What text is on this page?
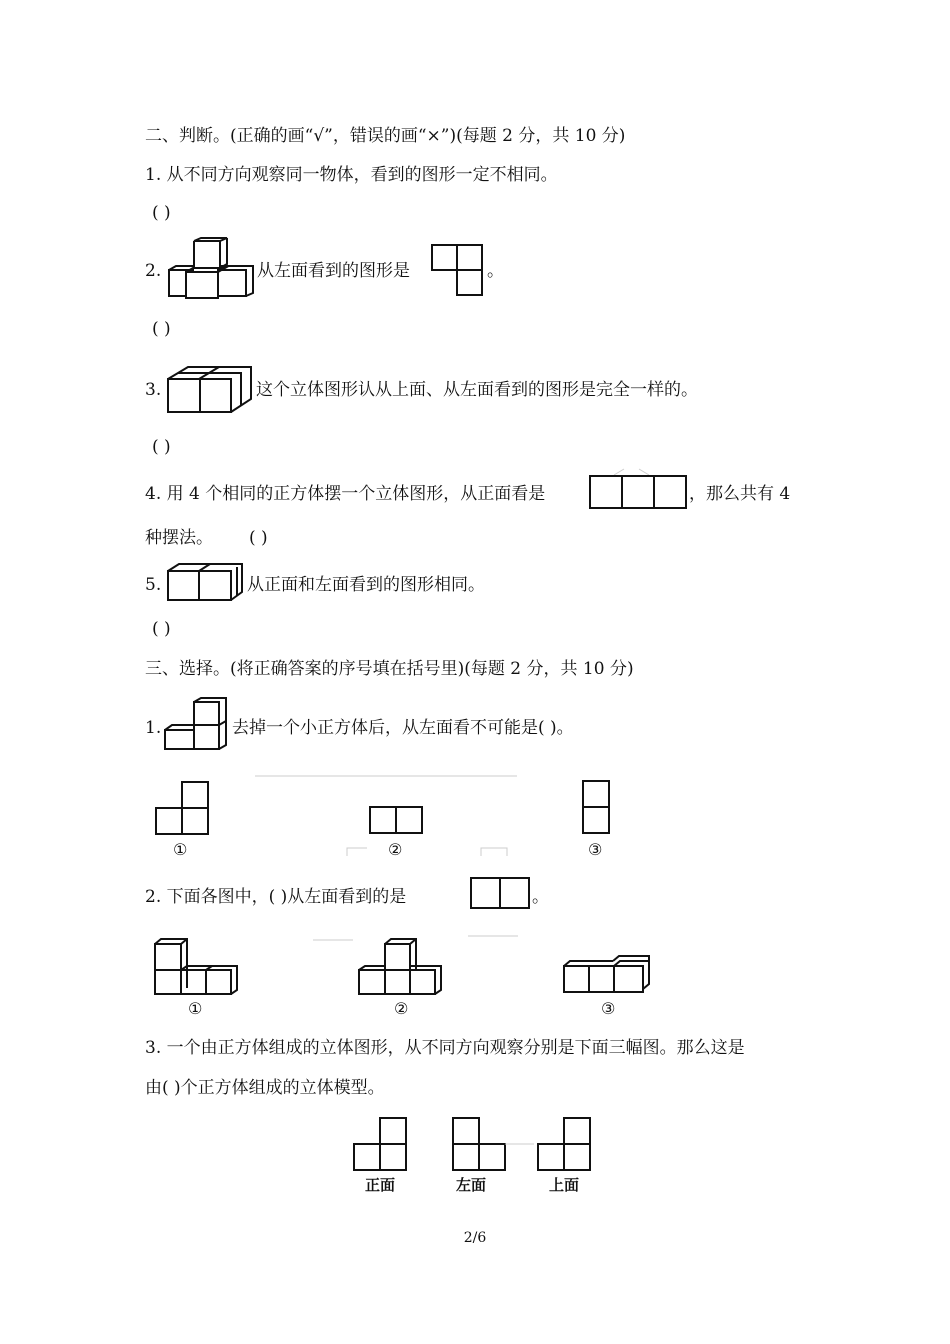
二、判断。(正确的画“√”，错误的画“×”)(每题 2 分，共 10 分)
1. 从不同方向观察同一物体，看到的图形一定不相同。
( )
2.	从左面看到的图形是	。
( )
3.	这个立体图形认从上面、从左面看到的图形是完全一样的。
( )
4. 用 4 个相同的正方体摆一个立体图形，从正面看是	，那么共有 4
种摆法。 ( )
5.	从正面和左面看到的图形相同。
( )
三、选择。(将正确答案的序号填在括号里)(每题 2 分，共 10 分)
1.	去掉一个小正方体后，从左面看不可能是( )。
①	②	③
2. 下面各图中，( )从左面看到的是	。
①	②	③
3. 一个由正方体组成的立体图形，从不同方向观察分别是下面三幅图。那么这是
由( )个正方体组成的立体模型。
正面	左面	上面
2/6
